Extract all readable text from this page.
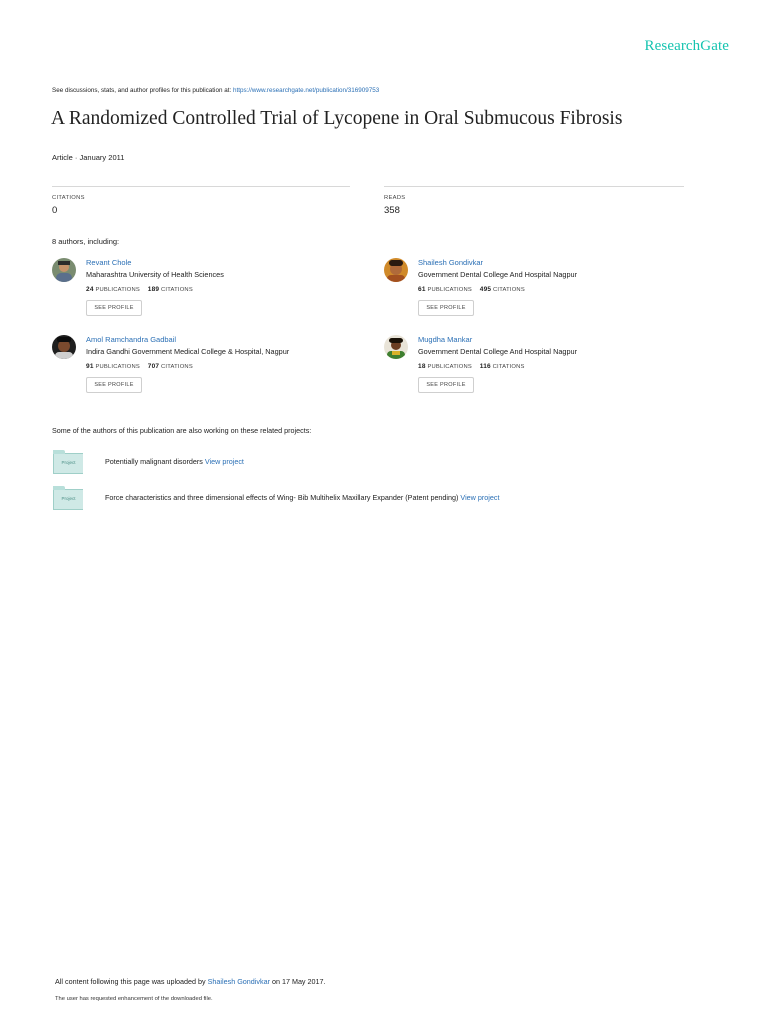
ResearchGate
See discussions, stats, and author profiles for this publication at: https://www.researchgate.net/publication/316909753
A Randomized Controlled Trial of Lycopene in Oral Submucous Fibrosis
Article · January 2011
CITATIONS
0
READS
358
8 authors, including:
Revant Chole
Maharashtra University of Health Sciences
24 PUBLICATIONS 189 CITATIONS
SEE PROFILE
Shailesh Gondivkar
Government Dental College And Hospital Nagpur
61 PUBLICATIONS 495 CITATIONS
SEE PROFILE
Amol Ramchandra Gadbail
Indira Gandhi Government Medical College & Hospital, Nagpur
91 PUBLICATIONS 707 CITATIONS
SEE PROFILE
Mugdha Mankar
Government Dental College And Hospital Nagpur
18 PUBLICATIONS 116 CITATIONS
SEE PROFILE
Some of the authors of this publication are also working on these related projects:
Project	Potentially malignant disorders View project
Project	Force characteristics and three dimensional effects of Wing- Bib Multihelix Maxillary Expander (Patent pending) View project
All content following this page was uploaded by Shailesh Gondivkar on 17 May 2017.
The user has requested enhancement of the downloaded file.
